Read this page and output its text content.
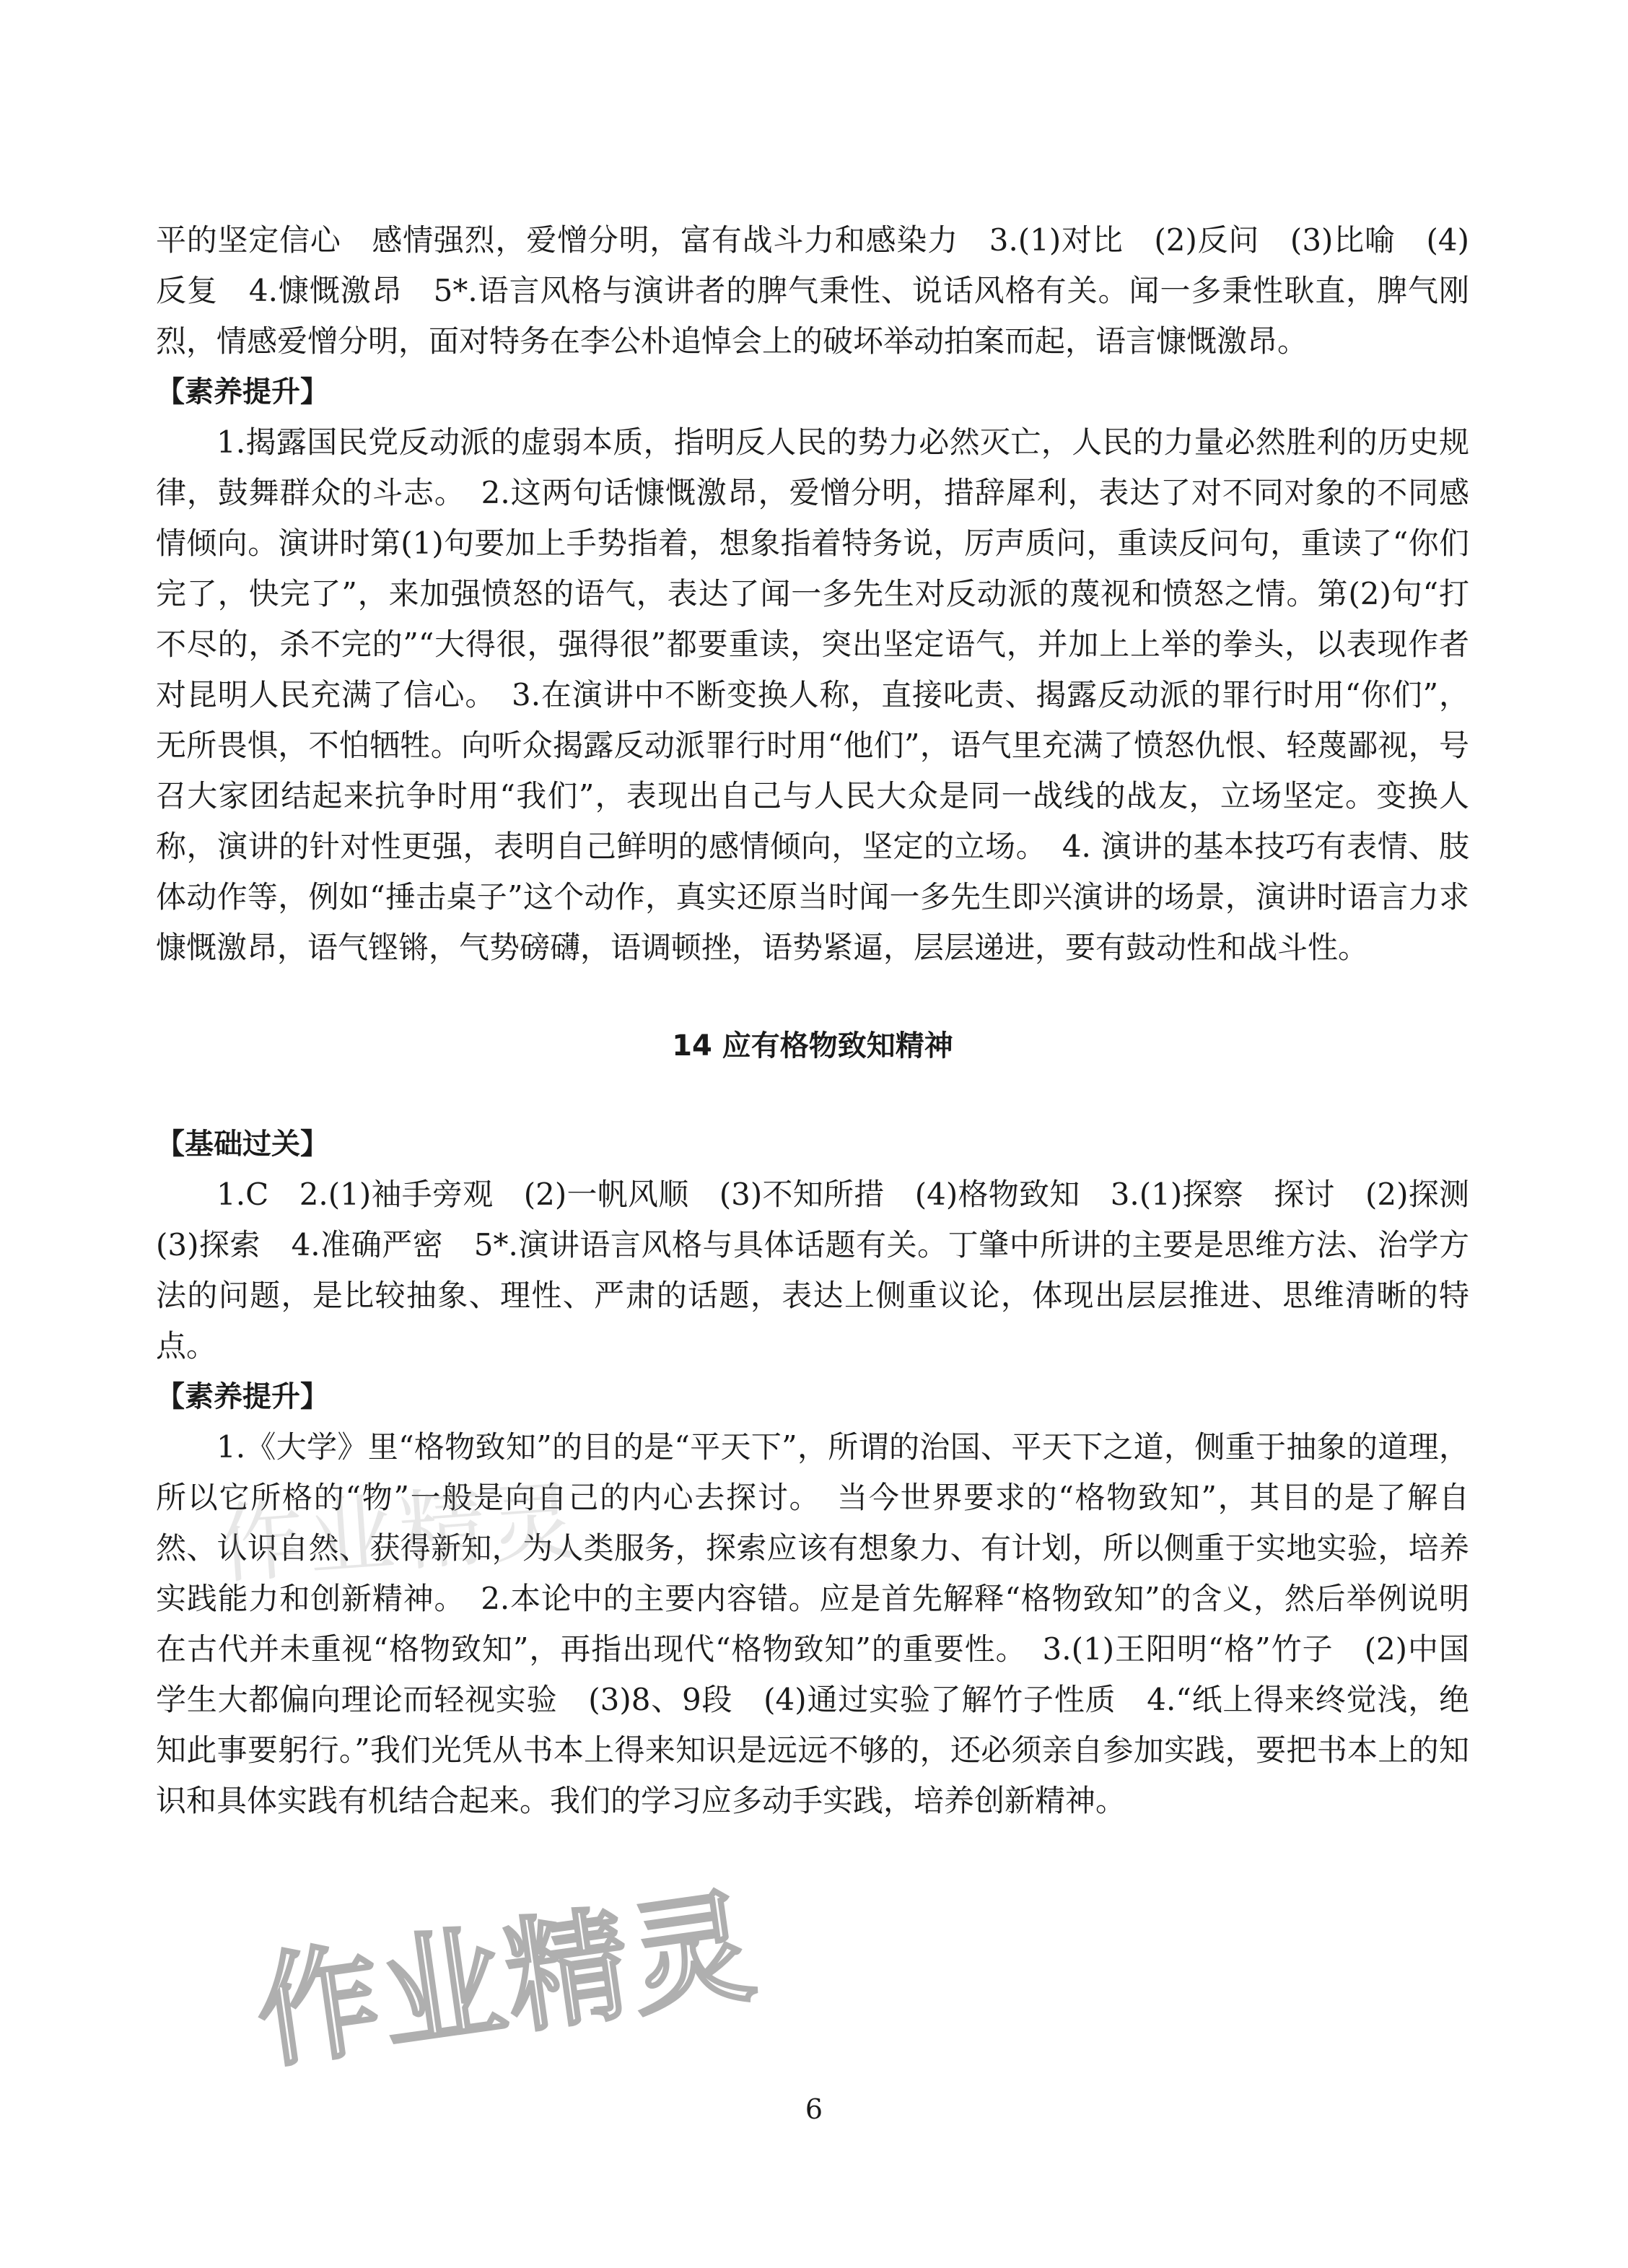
平的坚定信心　感情强烈，爱憎分明，富有战斗力和感染力　3.(1)对比　(2)反问　(3)比喻　(4)反复　4.慷慨激昂　5*.语言风格与演讲者的脾气秉性、说话风格有关。闻一多秉性耿直，脾气刚烈，情感爱憎分明，面对特务在李公朴追悼会上的破坏举动拍案而起，语言慷慨激昂。

【素养提升】

1.揭露国民党反动派的虚弱本质，指明反人民的势力必然灭亡，人民的力量必然胜利的历史规律，鼓舞群众的斗志。　2.这两句话慷慨激昂，爱憎分明，措辞犀利，表达了对不同对象的不同感情倾向。演讲时第(1)句要加上手势指着，想象指着特务说，厉声质问，重读反问句，重读了“你们完了，快完了”，来加强愤怒的语气，表达了闻一多先生对反动派的蔑视和愤怒之情。第(2)句“打不尽的，杀不完的”“大得很，强得很”都要重读，突出坚定语气，并加上上举的拳头，以表现作者对昆明人民充满了信心。　3.在演讲中不断变换人称，直接叱责、揭露反动派的罪行时用“你们”，无所畏惧，不怕牺牲。向听众揭露反动派罪行时用“他们”，语气里充满了愤怒仇恨、轻蔑鄙视，号召大家团结起来抗争时用“我们”，表现出自己与人民大众是同一战线的战友，立场坚定。变换人称，演讲的针对性更强，表明自己鲜明的感情倾向，坚定的立场。　4. 演讲的基本技巧有表情、肢体动作等，例如“捶击桌子”这个动作，真实还原当时闻一多先生即兴演讲的场景，演讲时语言力求慷慨激昂，语气铿锵，气势磅礴，语调顿挫，语势紧逼，层层递进，要有鼓动性和战斗性。

14 应有格物致知精神

【基础过关】

1.C　2.(1)袖手旁观　(2)一帆风顺　(3)不知所措　(4)格物致知　3.(1)探察　探讨　(2)探测　(3)探索　4.准确严密　5*.演讲语言风格与具体话题有关。丁肇中所讲的主要是思维方法、治学方法的问题，是比较抽象、理性、严肃的话题，表达上侧重议论，体现出层层推进、思维清晰的特点。

【素养提升】

1.《大学》里“格物致知”的目的是“平天下”，所谓的治国、平天下之道，侧重于抽象的道理，所以它所格的“物”一般是向自己的内心去探讨。　当今世界要求的“格物致知”，其目的是了解自然、认识自然、获得新知，为人类服务，探索应该有想象力、有计划，所以侧重于实地实验，培养实践能力和创新精神。　2.本论中的主要内容错。应是首先解释“格物致知”的含义，然后举例说明在古代并未重视“格物致知”，再指出现代“格物致知”的重要性。　3.(1)王阳明“格”竹子　(2)中国学生大都偏向理论而轻视实验　(3)8、9段　(4)通过实验了解竹子性质　4.“纸上得来终觉浅，绝知此事要躬行。”我们光凭从书本上得来知识是远远不够的，还必须亲自参加实践，要把书本上的知识和具体实践有机结合起来。我们的学习应多动手实践，培养创新精神。

作业精灵
作业精灵
6
